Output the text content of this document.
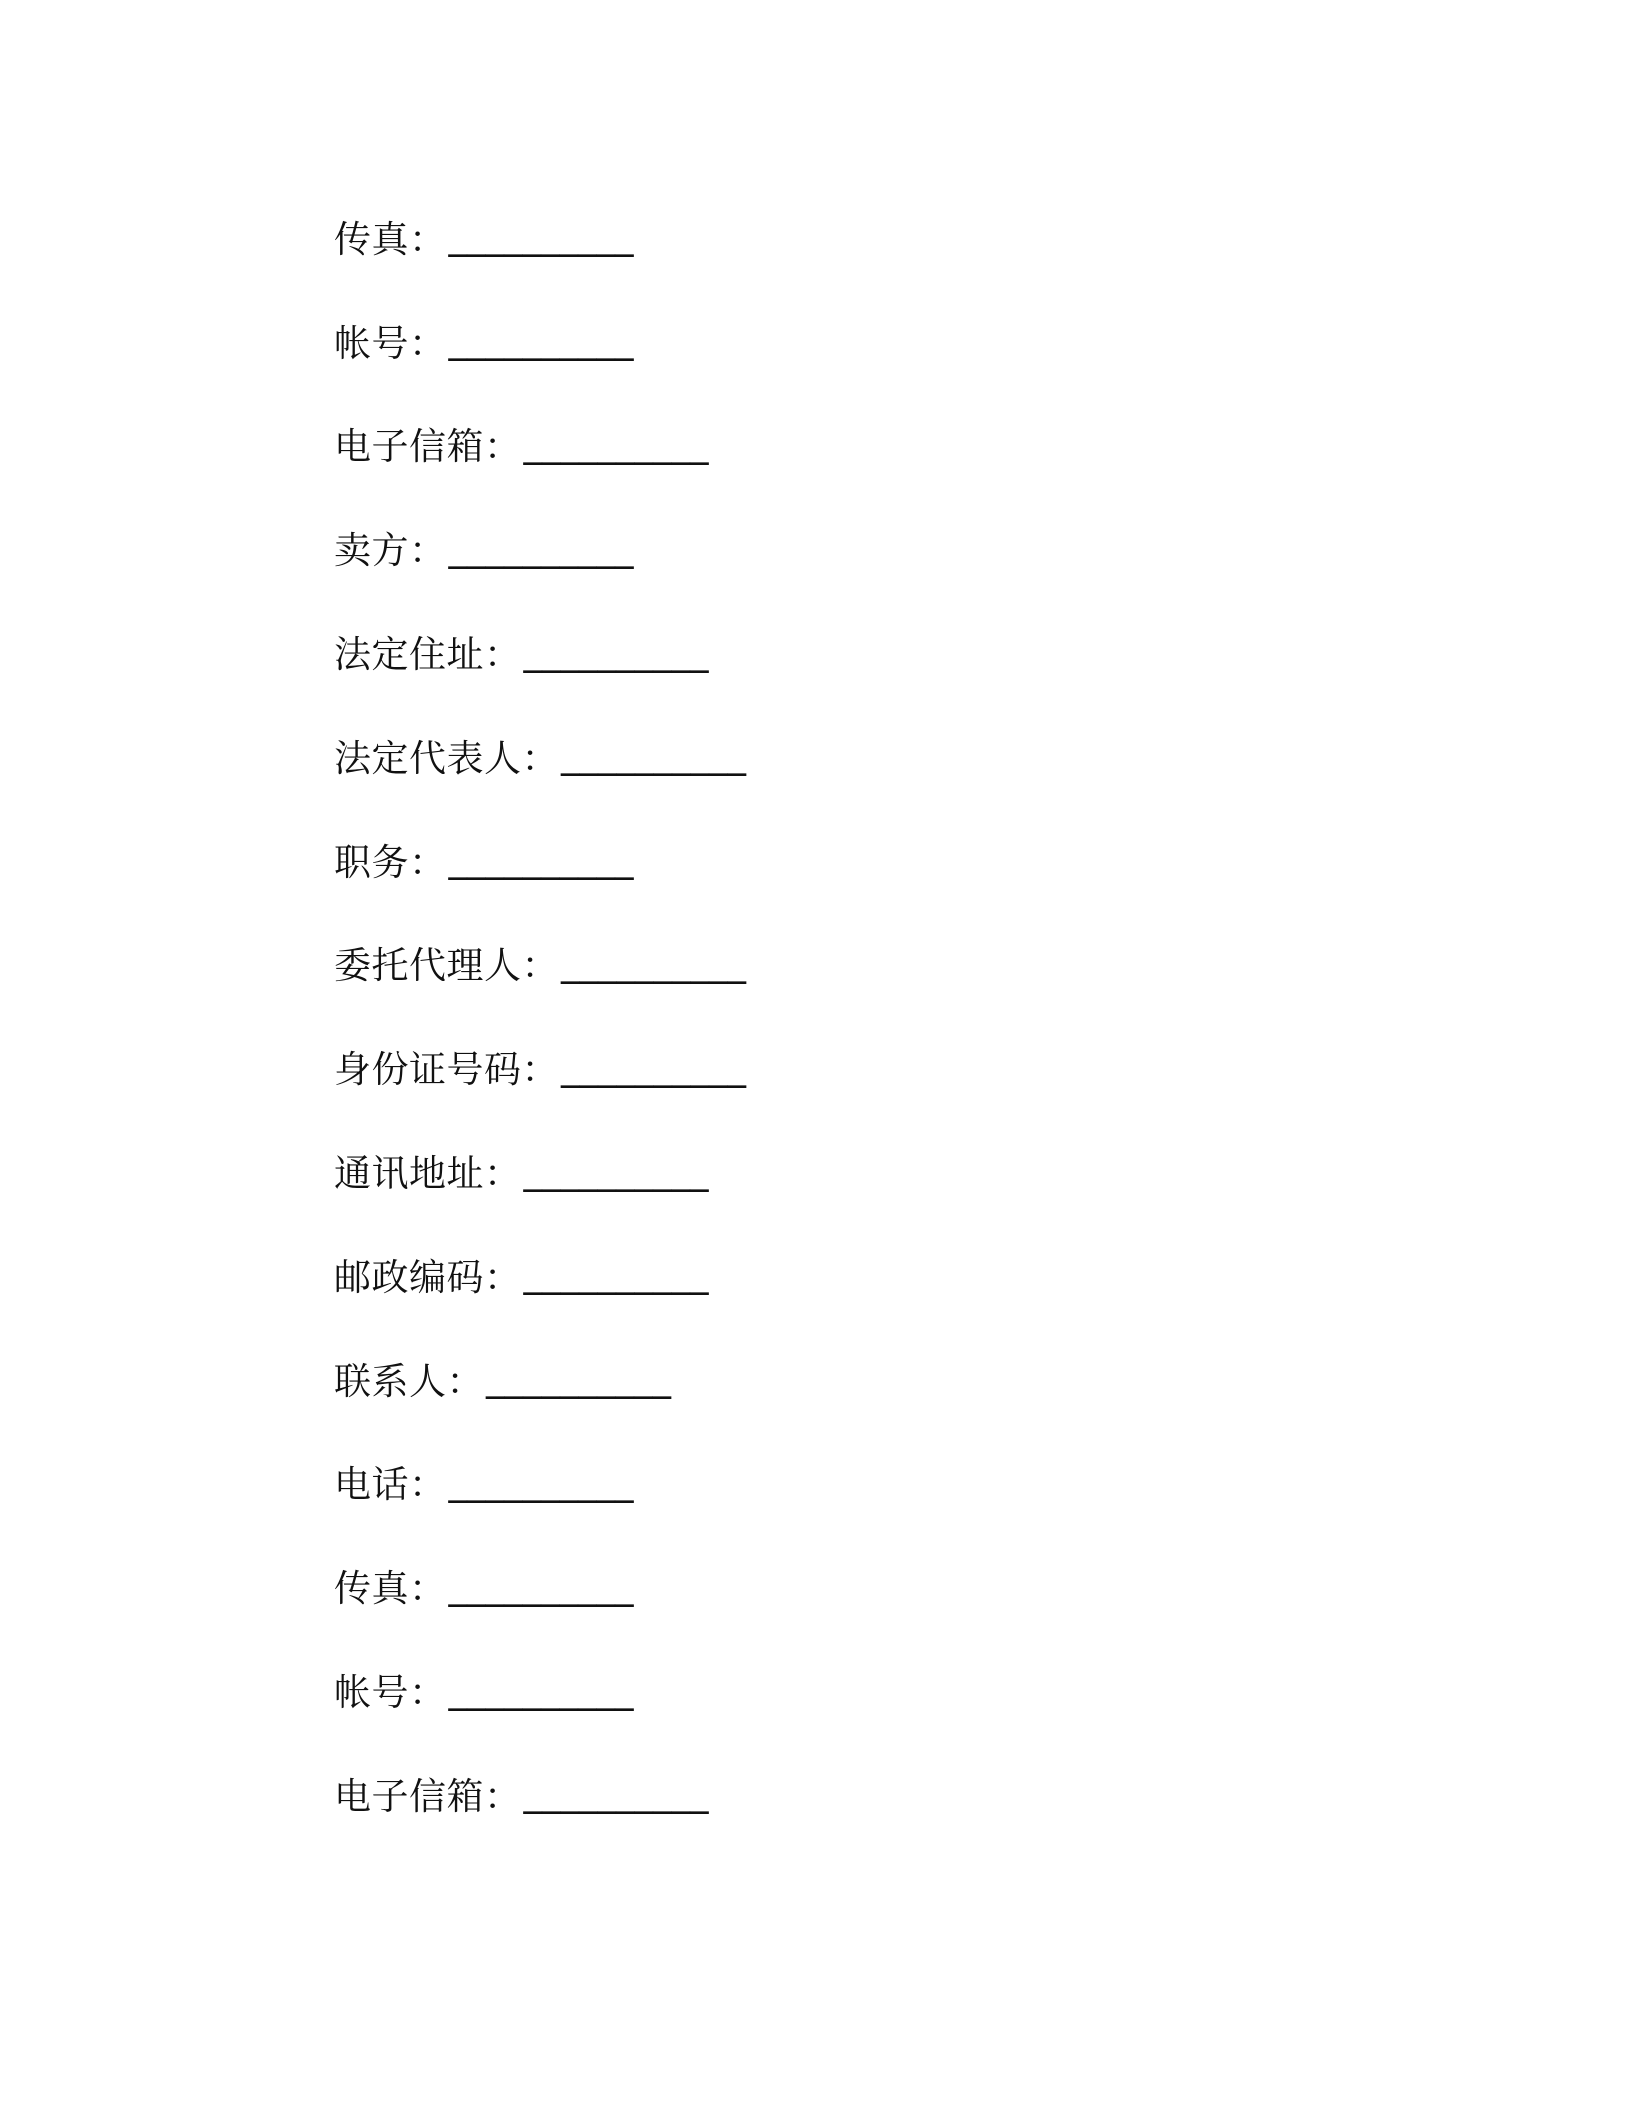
传真： __________
帐号： __________
电子信箱： __________
卖方： __________
法定住址： __________
法定代表人： __________
职务： __________
委托代理人： __________
身份证号码： __________
通讯地址： __________
邮政编码： __________
联系人： __________
电话： __________
传真： __________
帐号： __________
电子信箱： __________
